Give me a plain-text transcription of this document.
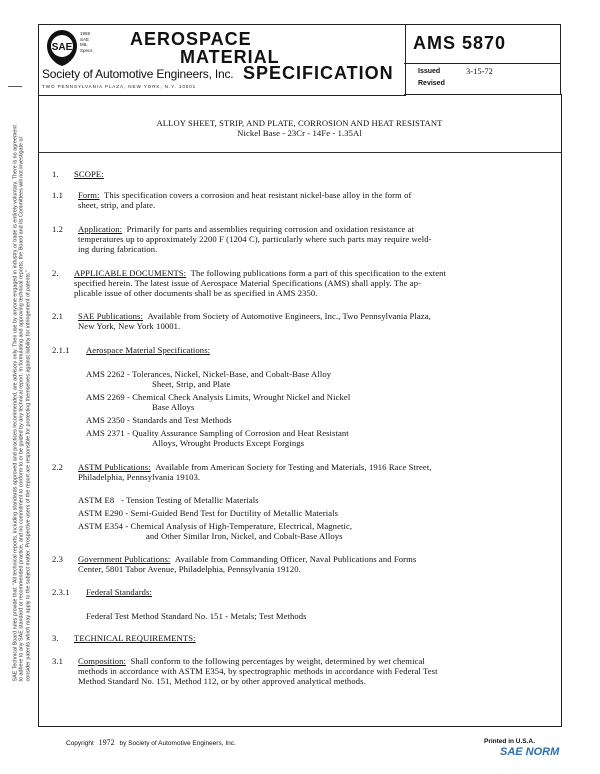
SAE
1969
SAE
MIL
Specs
AEROSPACE
MATERIAL
Society of Automotive Engineers, Inc. SPECIFICATION
TWO PENNSYLVANIA PLAZA, NEW YORK, N.Y. 10001
AMS 5870
Issued	3-15-72
Revised
SAE Technical Board rules provide that: "All technical reports, including standards approved and practices recommended, are advisory only. Their use by anyone engaged in industry or trade is entirely voluntary. There is no agreement to adhere to any SAE standard or recommended practice, and no commitment to conform to or be guided by any technical report. In formulating and approving technical reports, the Board and its Committees will not investigate or consider patents which may apply to the subject matter. Prospective users of the report are responsible for protecting themselves against liability for infringement of patents."
ALLOY SHEET, STRIP, AND PLATE, CORROSION AND HEAT RESISTANT
Nickel Base - 23Cr - 14Fe - 1.35Al
1. SCOPE:
1.1 Form: This specification covers a corrosion and heat resistant nickel-base alloy in the form of
sheet, strip, and plate.
1.2 Application: Primarily for parts and assemblies requiring corrosion and oxidation resistance at
temperatures up to approximately 2200 F (1204 C), particularly where such parts may require weld-
ing during fabrication.
2. APPLICABLE DOCUMENTS: The following publications form a part of this specification to the extent
specified herein. The latest issue of Aerospace Material Specifications (AMS) shall apply. The ap-
plicable issue of other documents shall be as specified in AMS 2350.
2.1 SAE Publications: Available from Society of Automotive Engineers, Inc., Two Pennsylvania Plaza,
New York, New York 10001.
2.1.1 Aerospace Material Specifications:
AMS 2262 - Tolerances, Nickel, Nickel-Base, and Cobalt-Base Alloy
Sheet, Strip, and Plate
AMS 2269 - Chemical Check Analysis Limits, Wrought Nickel and Nickel
Base Alloys
AMS 2350 - Standards and Test Methods
AMS 2371 - Quality Assurance Sampling of Corrosion and Heat Resistant
Alloys, Wrought Products Except Forgings
2.2 ASTM Publications: Available from American Society for Testing and Materials, 1916 Race Street,
Philadelphia, Pennsylvania 19103.
ASTM E8   - Tension Testing of Metallic Materials
ASTM E290 - Semi-Guided Bend Test for Ductility of Metallic Materials
ASTM E354 - Chemical Analysis of High-Temperature, Electrical, Magnetic,
and Other Similar Iron, Nickel, and Cobalt-Base Alloys
2.3 Government Publications: Available from Commanding Officer, Naval Publications and Forms
Center, 5801 Tabor Avenue, Philadelphia, Pennsylvania 19120.
2.3.1 Federal Standards:
Federal Test Method Standard No. 151 - Metals; Test Methods
3. TECHNICAL REQUIREMENTS:
3.1 Composition: Shall conform to the following percentages by weight, determined by wet chemical
methods in accordance with ASTM E354, by spectrographic methods in accordance with Federal Test
Method Standard No. 151, Method 112, or by other approved analytical methods.
Copyright 1972 by Society of Automotive Engineers, Inc.	Printed in U.S.A.
SAE NORM
